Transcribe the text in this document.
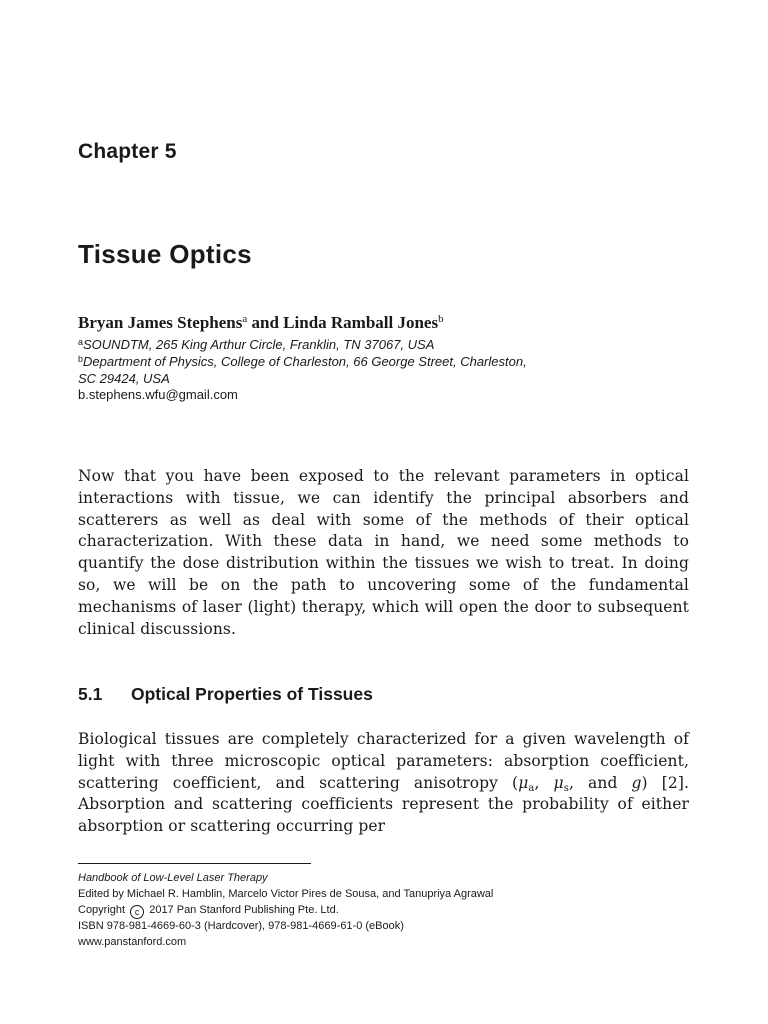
Chapter 5
Tissue Optics
Bryan James Stephens$^a$ and Linda Ramball Jones$^b$
$^a$SOUNDTM, 265 King Arthur Circle, Franklin, TN 37067, USA
$^b$Department of Physics, College of Charleston, 66 George Street, Charleston,
SC 29424, USA
b.stephens.wfu@gmail.com
Now that you have been exposed to the relevant parameters in optical interactions with tissue, we can identify the principal absorbers and scatterers as well as deal with some of the methods of their optical characterization. With these data in hand, we need some methods to quantify the dose distribution within the tissues we wish to treat. In doing so, we will be on the path to uncovering some of the fundamental mechanisms of laser (light) therapy, which will open the door to subsequent clinical discussions.
5.1 Optical Properties of Tissues
Biological tissues are completely characterized for a given wavelength of light with three microscopic optical parameters: absorption coefficient, scattering coefficient, and scattering anisotropy ($\mu_a$, $\mu_s$, and g) [2]. Absorption and scattering coefficients represent the probability of either absorption or scattering occurring per
Handbook of Low-Level Laser Therapy
Edited by Michael R. Hamblin, Marcelo Victor Pires de Sousa, and Tanupriya Agrawal
Copyright c 2017 Pan Stanford Publishing Pte. Ltd.
ISBN 978-981-4669-60-3 (Hardcover), 978-981-4669-61-0 (eBook)
www.panstanford.com
